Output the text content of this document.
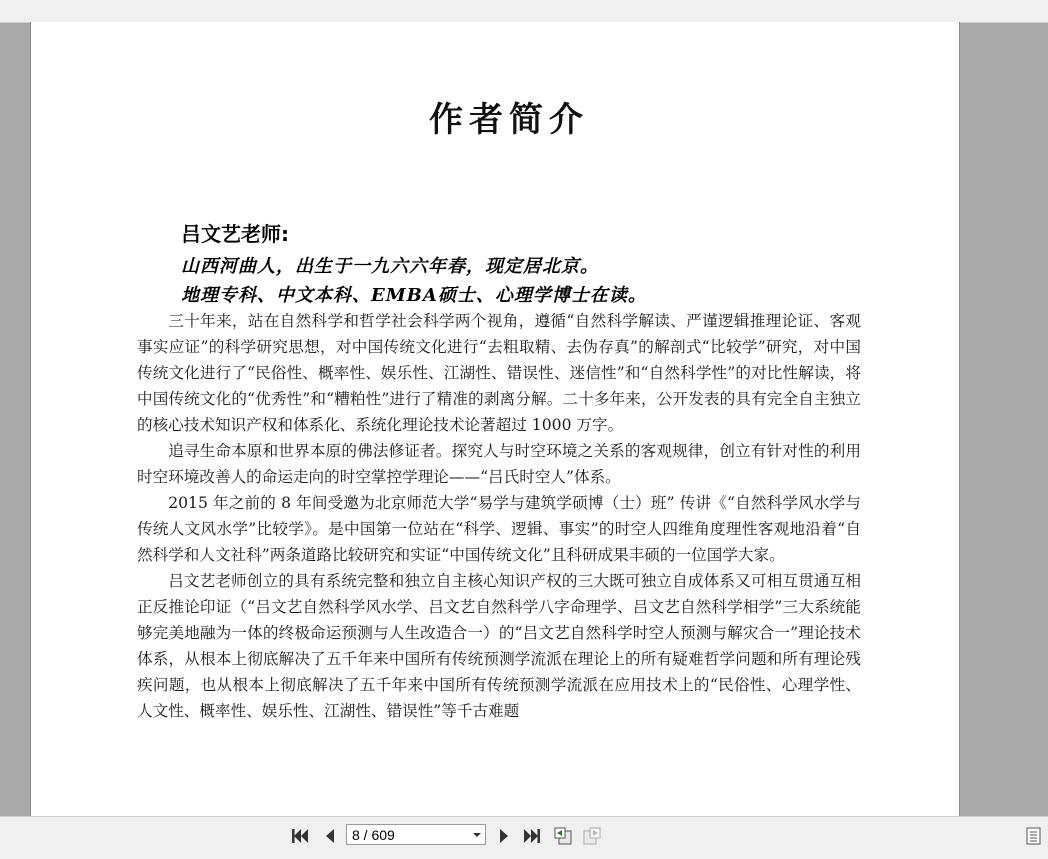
作者简介
吕文艺老师:
山西河曲人，出生于一九六六年春，现定居北京。
地理专科、中文本科、EMBA硕士、心理学博士在读。

三十年来，站在自然科学和哲学社会科学两个视角，遵循“自然科学解读、严谨逻辑推理论证、客观事实应证”的科学研究思想，对中国传统文化进行“去粗取精、去伪存真”的解剖式“比较学”研究，对中国传统文化进行了“民俗性、概率性、娱乐性、江湖性、错误性、迷信性”和“自然科学性”的对比性解读，将中国传统文化的“优秀性”和“糟粕性”进行了精准的剥离分解。二十多年来，公开发表的具有完全自主独立的核心技术知识产权和体系化、系统化理论技术论著超过 1000 万字。

追寻生命本原和世界本原的佛法修证者。探究人与时空环境之关系的客观规律，创立有针对性的利用时空环境改善人的命运走向的时空掌控学理论——“吕氏时空人”体系。

2015 年之前的 8 年间受邀为北京师范大学“易学与建筑学硕博（士）班” 传讲《“自然科学风水学与传统人文风水学”比较学》。是中国第一位站在“科学、逻辑、事实”的时空人四维角度理性客观地沿着“自然科学和人文社科”两条道路比较研究和实证“中国传统文化”且科研成果丰硕的一位国学大家。

吕文艺老师创立的具有系统完整和独立自主核心知识产权的三大既可独立自成体系又可相互贯通互相正反推论印证（“吕文艺自然科学风水学、吕文艺自然科学八字命理学、吕文艺自然科学相学”三大系统能够完美地融为一体的终极命运预测与人生改造合一）的“吕文艺自然科学时空人预测与解灾合一”理论技术体系，从根本上彻底解决了五千年来中国所有传统预测学流派在理论上的所有疑难哲学问题和所有理论残疾问题，也从根本上彻底解决了五千年来中国所有传统预测学流派在应用技术上的“民俗性、心理学性、人文性、概率性、娱乐性、江湖性、错误性”等千古难题

8 / 609
